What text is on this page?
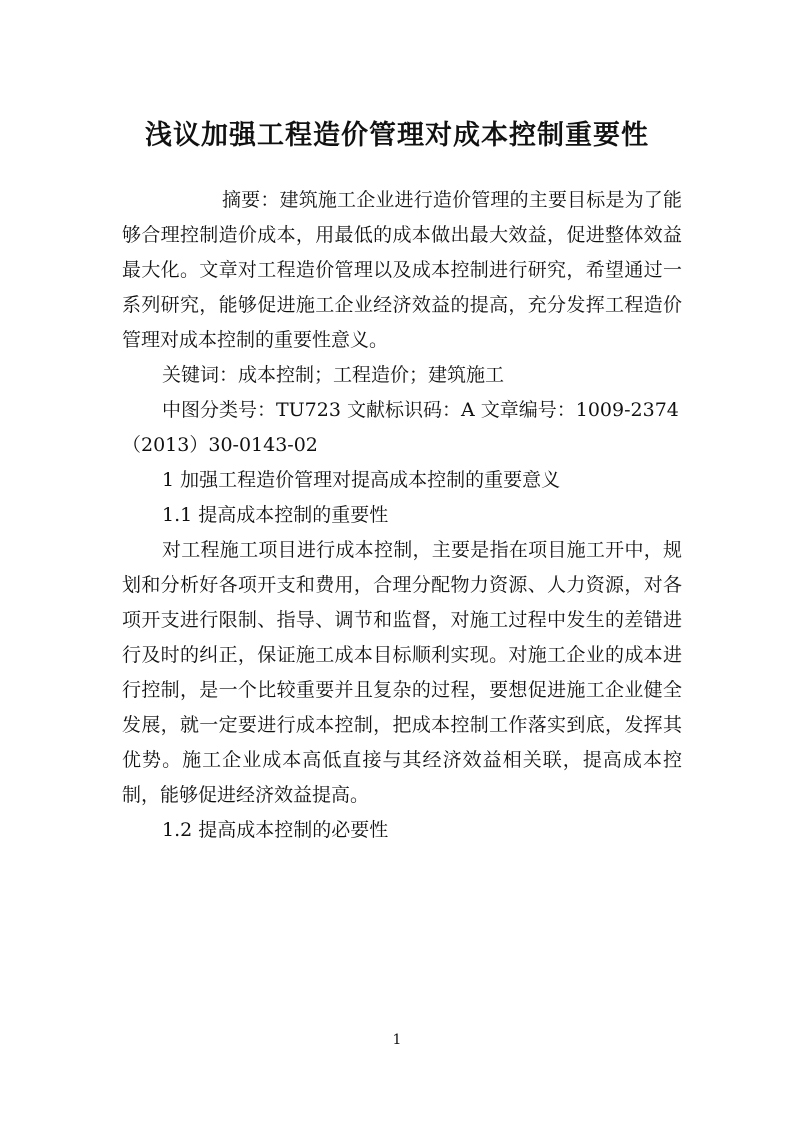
浅议加强工程造价管理对成本控制重要性

摘要：建筑施工企业进行造价管理的主要目标是为了能够合理控制造价成本，用最低的成本做出最大效益，促进整体效益最大化。文章对工程造价管理以及成本控制进行研究，希望通过一系列研究，能够促进施工企业经济效益的提高，充分发挥工程造价管理对成本控制的重要性意义。

关键词：成本控制；工程造价；建筑施工

中图分类号：TU723 文献标识码：A 文章编号：1009-2374

（2013）30-0143-02

1 加强工程造价管理对提高成本控制的重要意义

1.1 提高成本控制的重要性

对工程施工项目进行成本控制，主要是指在项目施工开中，规划和分析好各项开支和费用，合理分配物力资源、人力资源，对各项开支进行限制、指导、调节和监督，对施工过程中发生的差错进行及时的纠正，保证施工成本目标顺利实现。对施工企业的成本进行控制，是一个比较重要并且复杂的过程，要想促进施工企业健全发展，就一定要进行成本控制，把成本控制工作落实到底，发挥其优势。施工企业成本高低直接与其经济效益相关联，提高成本控制，能够促进经济效益提高。

1.2 提高成本控制的必要性

1
